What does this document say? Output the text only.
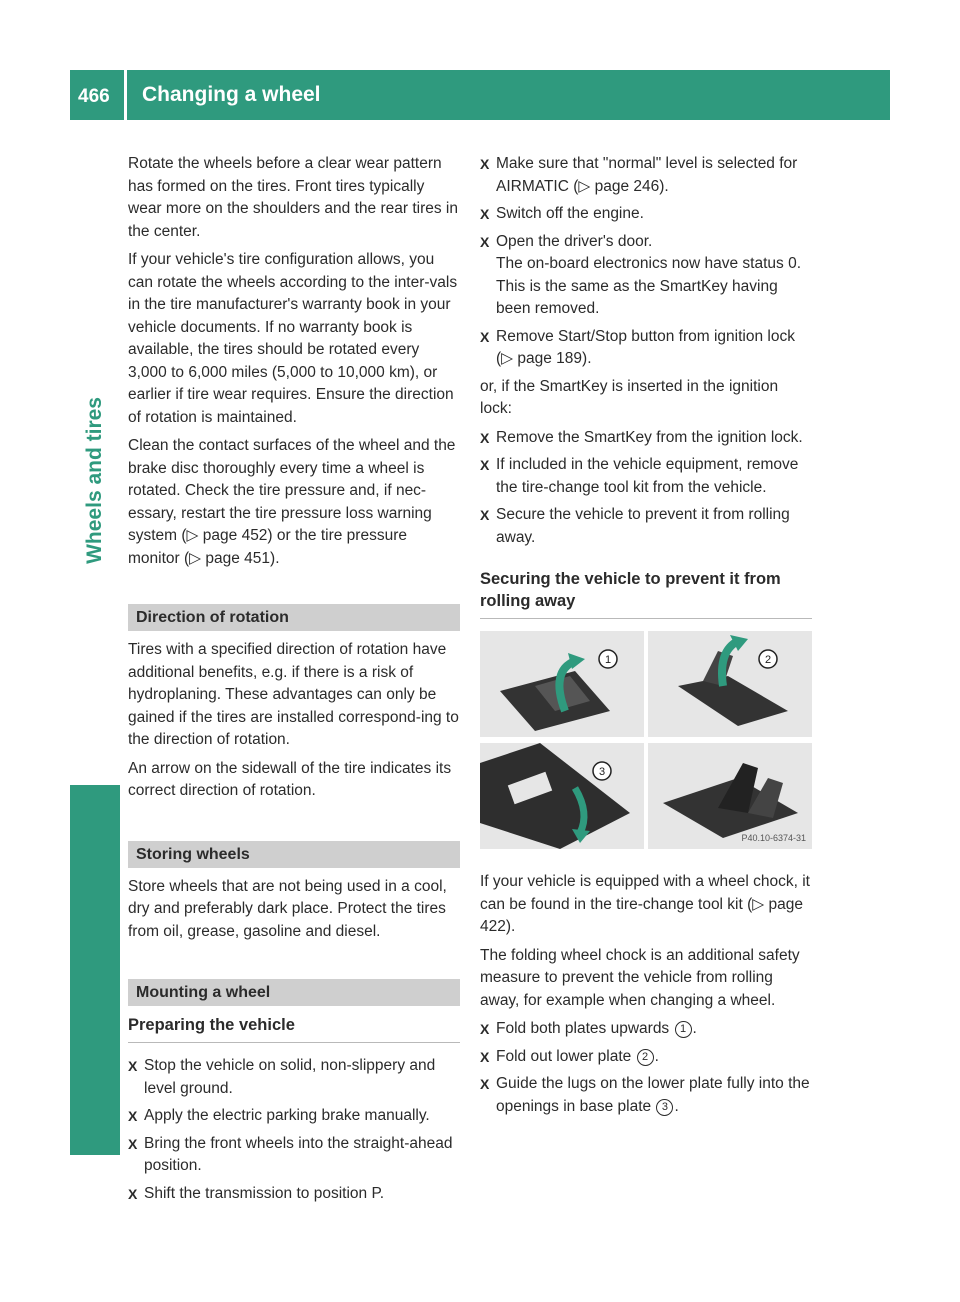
466 Changing a wheel
Wheels and tires

Rotate the wheels before a clear wear pattern has formed on the tires. Front tires typically wear more on the shoulders and the rear tires in the center.

If your vehicle's tire configuration allows, you can rotate the wheels according to the inter-vals in the tire manufacturer's warranty book in your vehicle documents. If no warranty book is available, the tires should be rotated every 3,000 to 6,000 miles (5,000 to 10,000 km), or earlier if tire wear requires. Ensure the direction of rotation is maintained.

Clean the contact surfaces of the wheel and the brake disc thoroughly every time a wheel is rotated. Check the tire pressure and, if nec-essary, restart the tire pressure loss warning system (▷ page 452) or the tire pressure monitor (▷ page 451).

Direction of rotation

Tires with a specified direction of rotation have additional benefits, e.g. if there is a risk of hydroplaning. These advantages can only be gained if the tires are installed correspond-ing to the direction of rotation.

An arrow on the sidewall of the tire indicates its correct direction of rotation.

Storing wheels

Store wheels that are not being used in a cool, dry and preferably dark place. Protect the tires from oil, grease, gasoline and diesel.

Mounting a wheel
Preparing the vehicle
X Stop the vehicle on solid, non-slippery and level ground.
X Apply the electric parking brake manually.
X Bring the front wheels into the straight-ahead position.
X Shift the transmission to position P.
X Make sure that "normal" level is selected for AIRMATIC (▷ page 246).
X Switch off the engine.
X Open the driver's door.
The on-board electronics now have status 0. This is the same as the SmartKey having been removed.
X Remove Start/Stop button from ignition lock (▷ page 189).

or, if the SmartKey is inserted in the ignition lock:

X Remove the SmartKey from the ignition lock.
X If included in the vehicle equipment, remove the tire-change tool kit from the vehicle.
X Secure the vehicle to prevent it from rolling away.
Securing the vehicle to prevent it from rolling away
1	2
3
P40.10-6374-31

If your vehicle is equipped with a wheel chock, it can be found in the tire-change tool kit (▷ page 422).

The folding wheel chock is an additional safety measure to prevent the vehicle from rolling away, for example when changing a wheel.

X Fold both plates upwards 1 .
X Fold out lower plate 2 .
X Guide the lugs on the lower plate fully into the openings in base plate 3 .
